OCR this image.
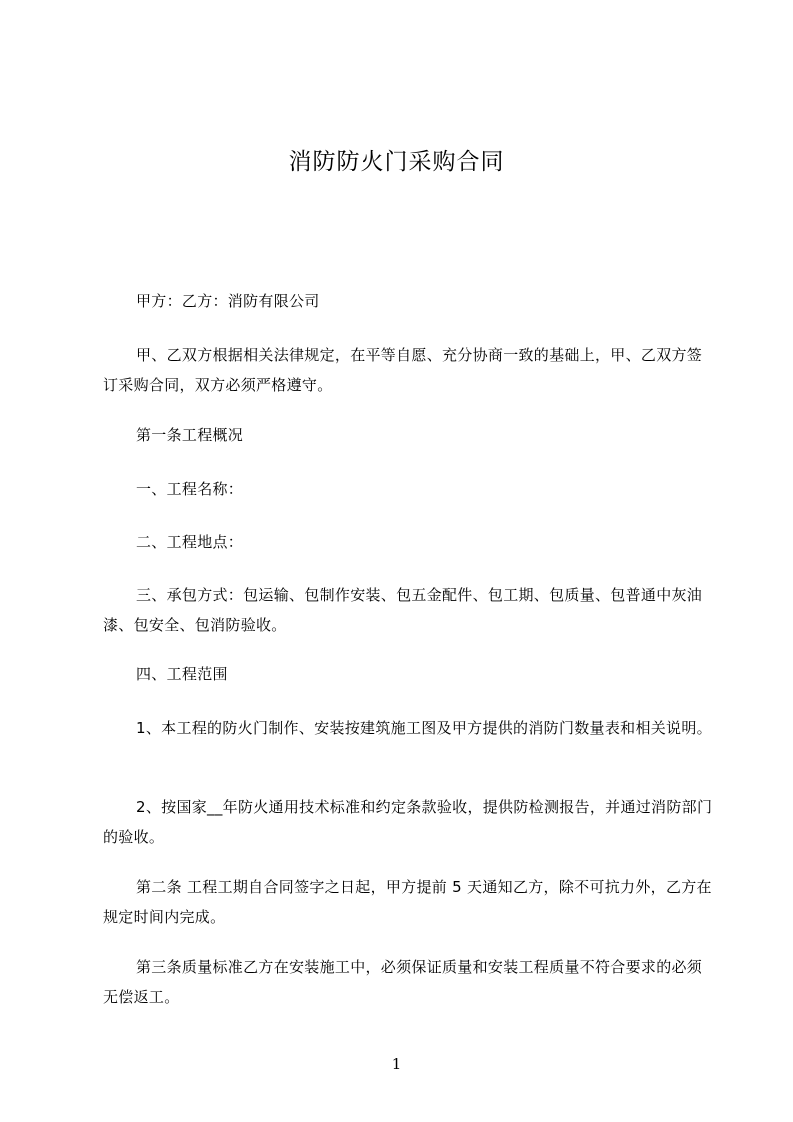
消防防火门采购合同

甲方：乙方：消防有限公司

甲、乙双方根据相关法律规定，在平等自愿、充分协商一致的基础上，甲、乙双方签订采购合同，双方必须严格遵守。

第一条工程概况

一、工程名称：

二、工程地点：

三、承包方式：包运输、包制作安装、包五金配件、包工期、包质量、包普通中灰油漆、包安全、包消防验收。

四、工程范围

1、本工程的防火门制作、安装按建筑施工图及甲方提供的消防门数量表和相关说明。

2、按国家__年防火通用技术标准和约定条款验收，提供防检测报告，并通过消防部门的验收。

第二条 工程工期自合同签字之日起，甲方提前 5 天通知乙方，除不可抗力外，乙方在规定时间内完成。

第三条质量标准乙方在安装施工中，必须保证质量和安装工程质量不符合要求的必须无偿返工。

1
